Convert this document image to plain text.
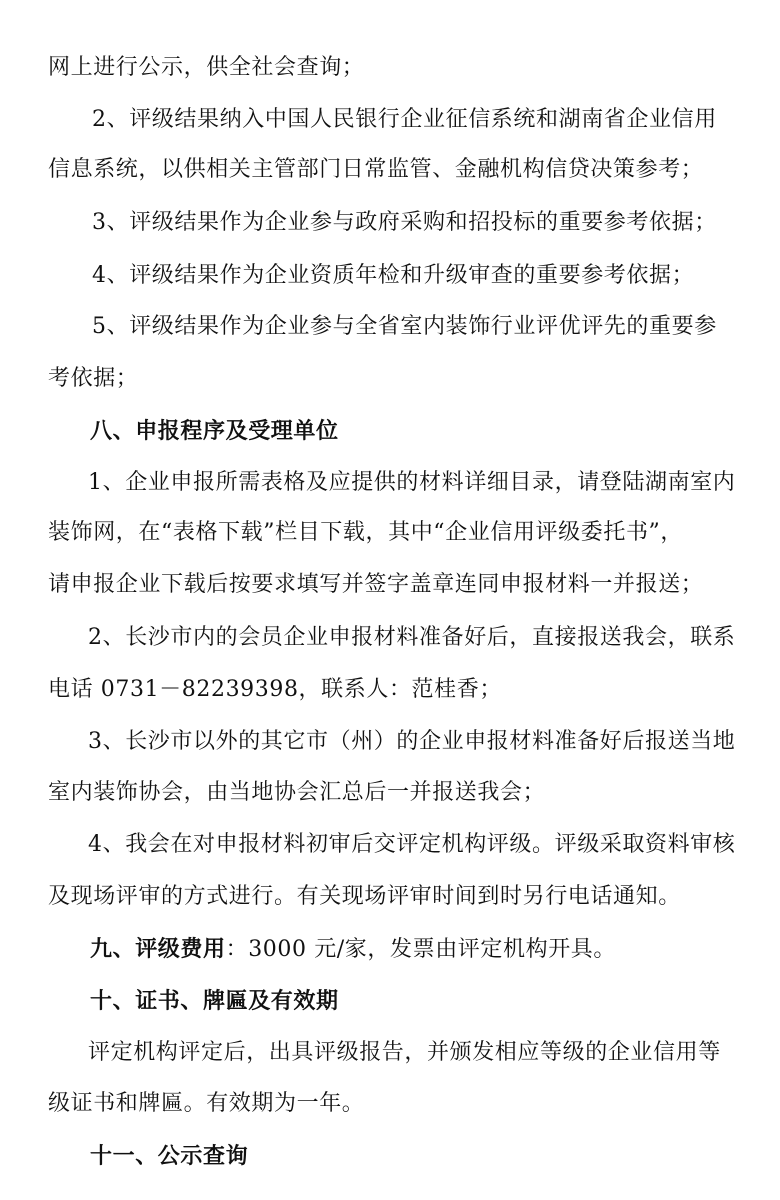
网上进行公示，供全社会查询；
2、评级结果纳入中国人民银行企业征信系统和湖南省企业信用
信息系统，以供相关主管部门日常监管、金融机构信贷决策参考；
3、评级结果作为企业参与政府采购和招投标的重要参考依据；
4、评级结果作为企业资质年检和升级审查的重要参考依据；
5、评级结果作为企业参与全省室内装饰行业评优评先的重要参
考依据；
八、申报程序及受理单位
1、企业申报所需表格及应提供的材料详细目录，请登陆湖南室内
装饰网，在“表格下载”栏目下载，其中“企业信用评级委托书”，
请申报企业下载后按要求填写并签字盖章连同申报材料一并报送；
2、长沙市内的会员企业申报材料准备好后，直接报送我会，联系
电话 0731－82239398，联系人：范桂香；
3、长沙市以外的其它市（州）的企业申报材料准备好后报送当地
室内装饰协会，由当地协会汇总后一并报送我会；
4、我会在对申报材料初审后交评定机构评级。评级采取资料审核
及现场评审的方式进行。有关现场评审时间到时另行电话通知。
九、评级费用：3000 元/家，发票由评定机构开具。
十、证书、牌匾及有效期
评定机构评定后，出具评级报告，并颁发相应等级的企业信用等
级证书和牌匾。有效期为一年。
十一、公示查询
